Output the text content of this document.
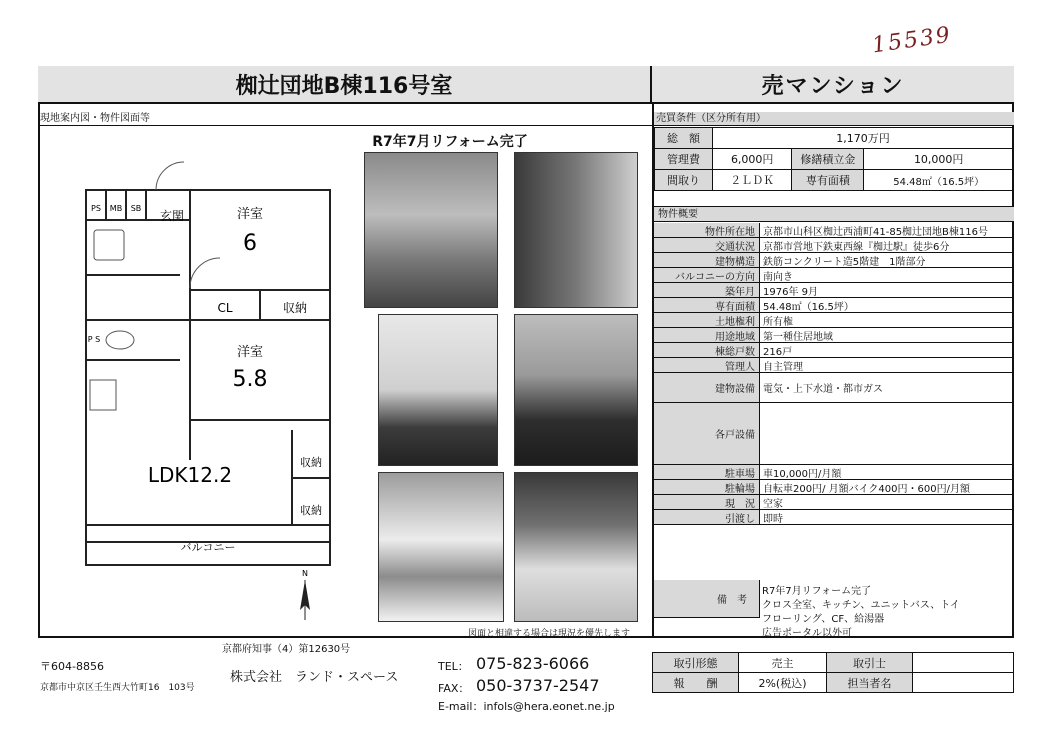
15539
椥辻団地B棟116号室	売マンション
現地案内図・物件図面等	売買条件（区分所有用）
洋室
6
洋室
5.8
LDK12.2
玄関
CL	収納
収納
収納
バルコニー
PS MB SB
P S
N
R7年7月リフォーム完了
図面と相違する場合は現況を優先します
総　額	1,170万円		
管理費	6,000円	修繕積立金	10,000円
間取り	２ＬＤＫ	専有面積	54.48㎡（16.5坪）
物件概要
物件所在地 京都市山科区椥辻西浦町41-85椥辻団地B棟116号
交通状況 京都市営地下鉄東西線『椥辻駅』徒歩6分
建物構造 鉄筋コンクリート造5階建　1階部分
バルコニーの方向 南向き
築年月 1976年 9月
専有面積 54.48㎡（16.5坪）
土地権利 所有権
用途地域 第一種住居地域
棟総戸数 216戸
管理人 自主管理
建物設備 電気・上下水道・都市ガス
各戸設備
駐車場 車10,000円/月額
駐輪場 自転車200円/ 月額バイク400円・600円/月額
現　況 空家
引渡し 即時
備　考
R7年7月リフォーム完了
クロス全室、キッチン、ユニットバス、トイ
フローリング、CF、給湯器
広告ポータル以外可
京都府知事（4）第12630号
〒604-8856
京都市中京区壬生西大竹町16　103号
株式会社　ランド・スペース
TEL： 075-823-6066
FAX： 050-3737-2547
E-mail：infols@hera.eonet.ne.jp
取引形態	売主	取引士	
報　　酬	2%(税込)	担当者名	
